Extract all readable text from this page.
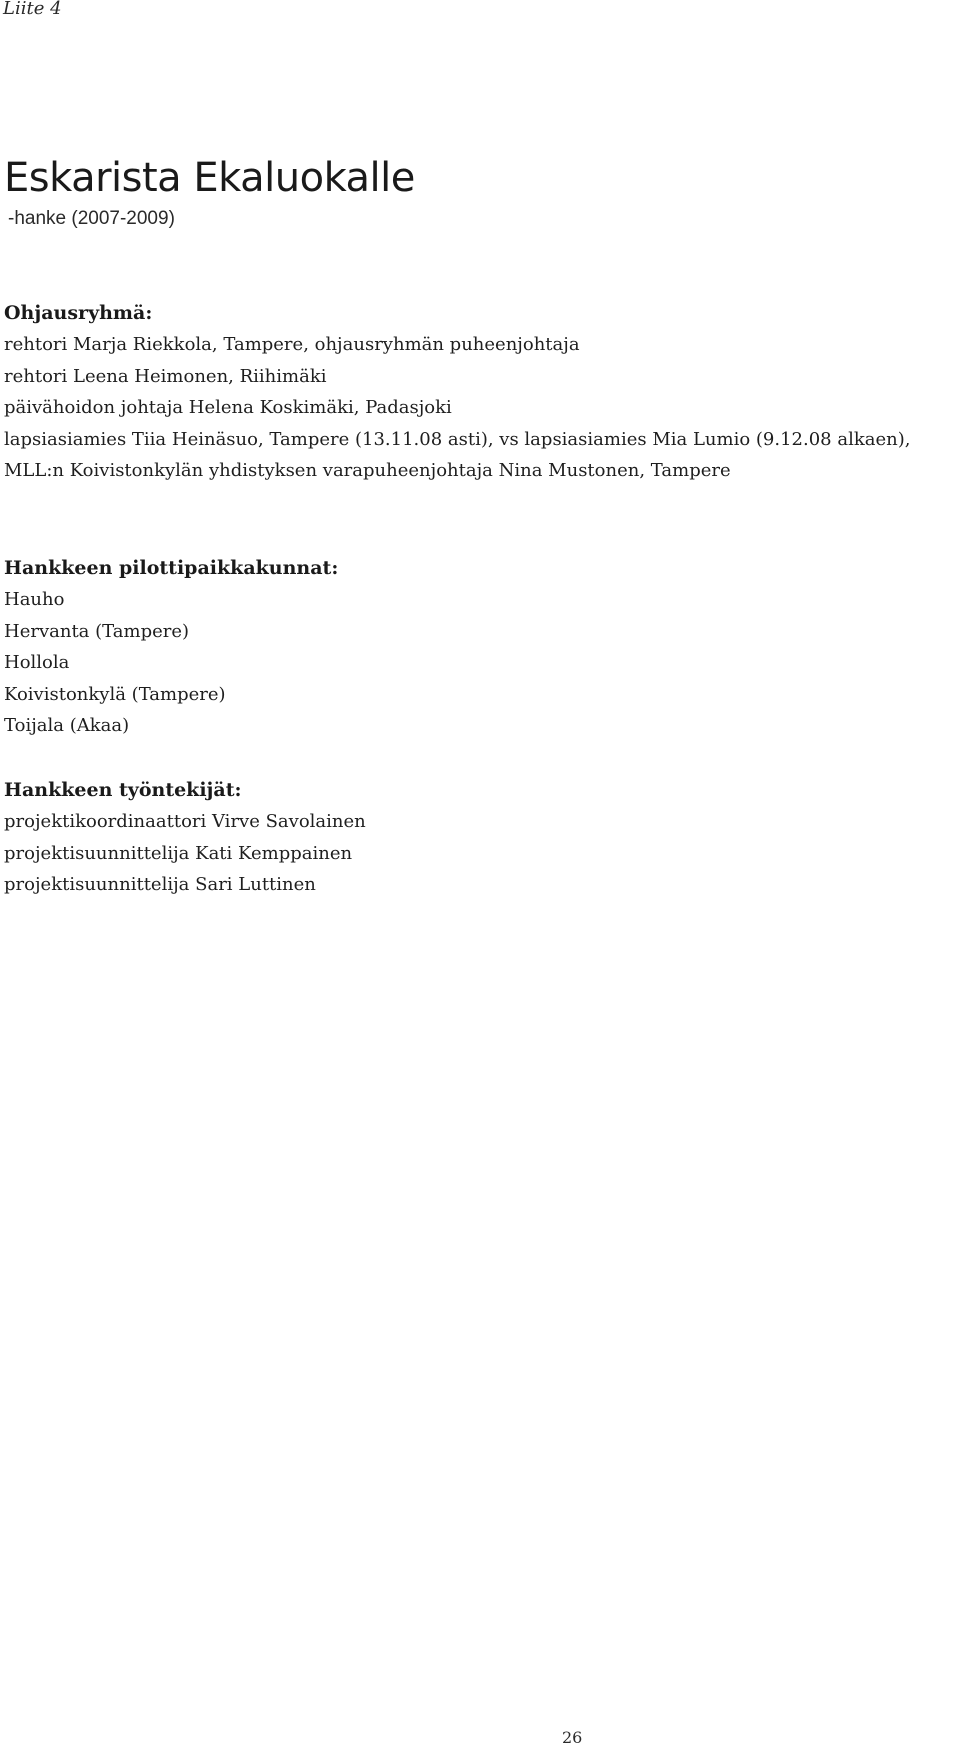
Liite 4

Eskarista Ekaluokalle

-hanke (2007-2009)

Ohjausryhmä:
rehtori Marja Riekkola, Tampere, ohjausryhmän puheenjohtaja
rehtori Leena Heimonen, Riihimäki
päivähoidon johtaja Helena Koskimäki, Padasjoki
lapsiasiamies Tiia Heinäsuo, Tampere (13.11.08 asti), vs lapsiasiamies Mia Lumio (9.12.08 alkaen),
MLL:n Koivistonkylän yhdistyksen varapuheenjohtaja Nina Mustonen, Tampere
Hankkeen pilottipaikkakunnat:
Hauho
Hervanta (Tampere)
Hollola
Koivistonkylä (Tampere)
Toijala (Akaa)
Hankkeen työntekijät:
projektikoordinaattori Virve Savolainen
projektisuunnittelija Kati Kemppainen
projektisuunnittelija Sari Luttinen

26
